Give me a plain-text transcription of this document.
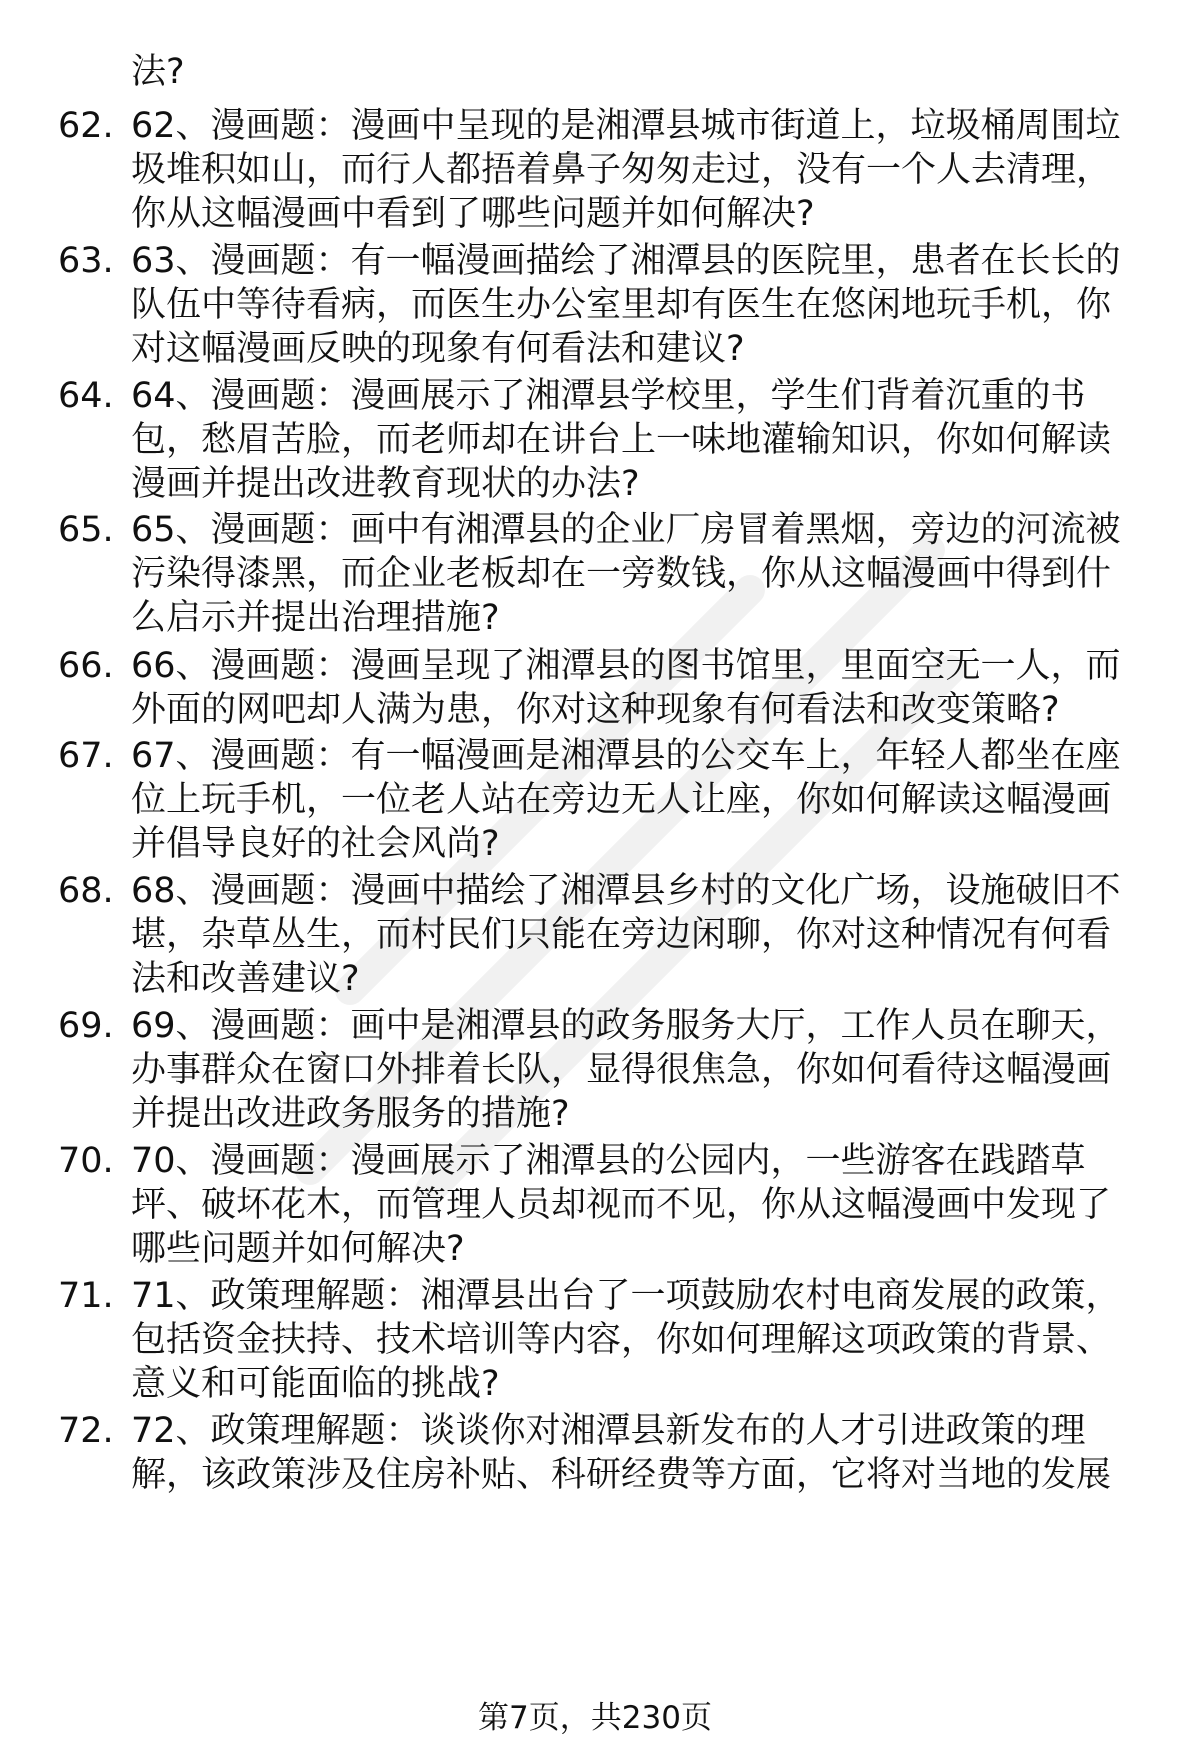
法?
62. 62、漫画题：漫画中呈现的是湘潭县城市街道上，垃圾桶周围垃
圾堆积如山，而行人都捂着鼻子匆匆走过，没有一个人去清理，
你从这幅漫画中看到了哪些问题并如何解决?
63. 63、漫画题：有一幅漫画描绘了湘潭县的医院里，患者在长长的
队伍中等待看病，而医生办公室里却有医生在悠闲地玩手机，你
对这幅漫画反映的现象有何看法和建议?
64. 64、漫画题：漫画展示了湘潭县学校里，学生们背着沉重的书
包，愁眉苦脸，而老师却在讲台上一味地灌输知识，你如何解读
漫画并提出改进教育现状的办法?
65. 65、漫画题：画中有湘潭县的企业厂房冒着黑烟，旁边的河流被
污染得漆黑，而企业老板却在一旁数钱，你从这幅漫画中得到什
么启示并提出治理措施?
66. 66、漫画题：漫画呈现了湘潭县的图书馆里，里面空无一人，而
外面的网吧却人满为患，你对这种现象有何看法和改变策略?
67. 67、漫画题：有一幅漫画是湘潭县的公交车上，年轻人都坐在座
位上玩手机，一位老人站在旁边无人让座，你如何解读这幅漫画
并倡导良好的社会风尚?
68. 68、漫画题：漫画中描绘了湘潭县乡村的文化广场，设施破旧不
堪，杂草丛生，而村民们只能在旁边闲聊，你对这种情况有何看
法和改善建议?
69. 69、漫画题：画中是湘潭县的政务服务大厅，工作人员在聊天，
办事群众在窗口外排着长队，显得很焦急，你如何看待这幅漫画
并提出改进政务服务的措施?
70. 70、漫画题：漫画展示了湘潭县的公园内，一些游客在践踏草
坪、破坏花木，而管理人员却视而不见，你从这幅漫画中发现了
哪些问题并如何解决?
71. 71、政策理解题：湘潭县出台了一项鼓励农村电商发展的政策，
包括资金扶持、技术培训等内容，你如何理解这项政策的背景、
意义和可能面临的挑战?
72. 72、政策理解题：谈谈你对湘潭县新发布的人才引进政策的理
解，该政策涉及住房补贴、科研经费等方面，它将对当地的发展
第7页，共230页
